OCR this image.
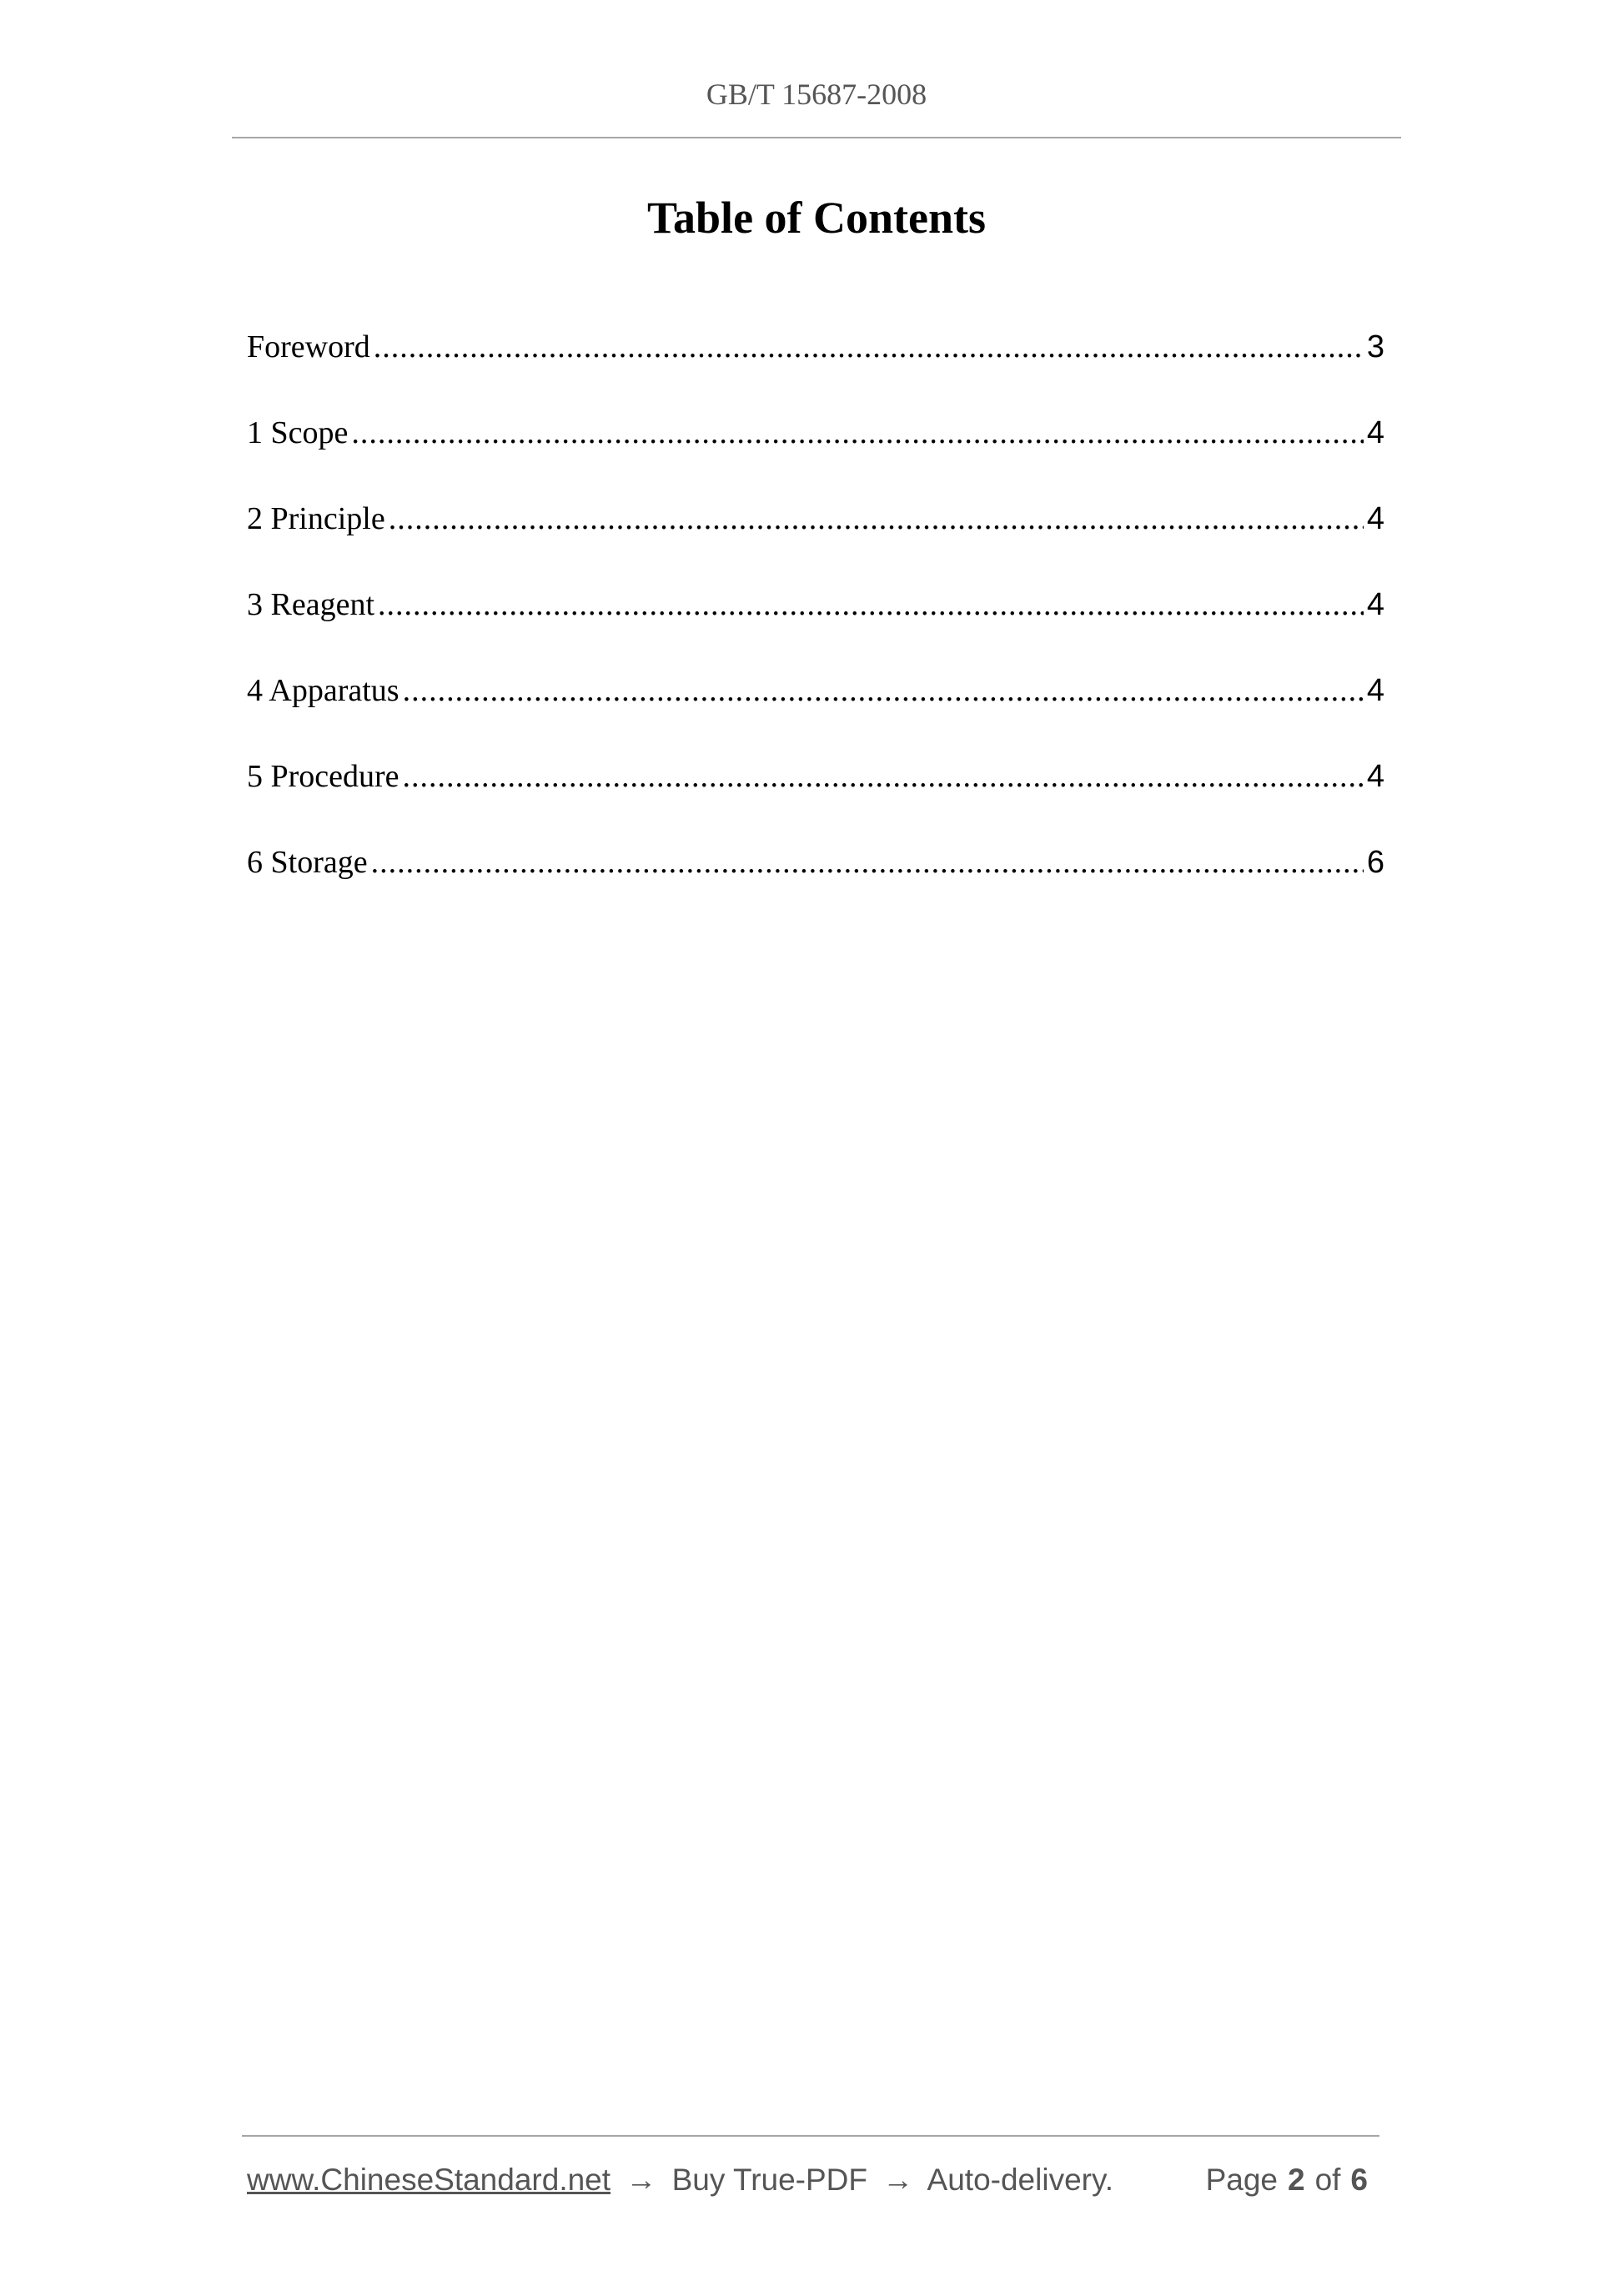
GB/T 15687-2008
Table of Contents
Foreword .....	3
1 Scope .....	4
2 Principle .....	4
3 Reagent .....	4
4 Apparatus .....	4
5 Procedure .....	4
6 Storage .....	6
www.ChineseStandard.net → Buy True-PDF → Auto-delivery.	Page 2 of 6
